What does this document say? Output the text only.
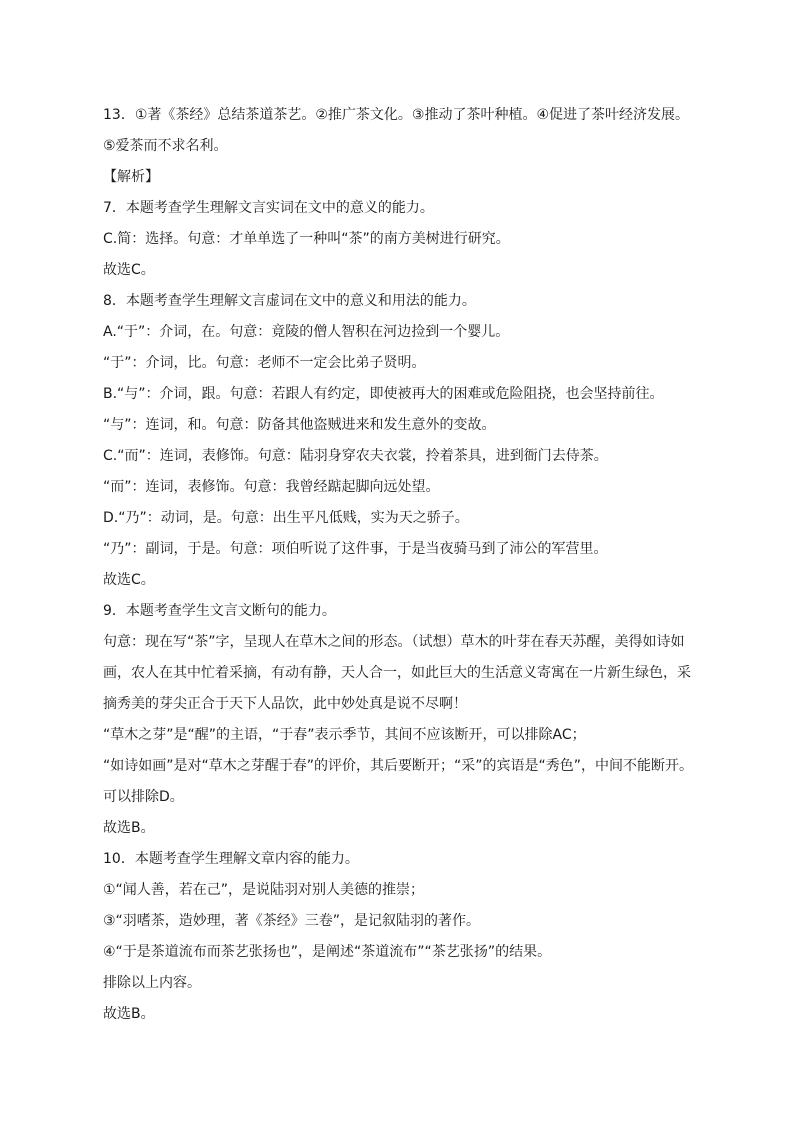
13．①著《茶经》总结茶道茶艺。②推广茶文化。③推动了茶叶种植。④促进了茶叶经济发展。⑤爱茶而不求名利。

【解析】

7．本题考查学生理解文言实词在文中的意义的能力。

C.简：选择。句意：才单单选了一种叫“茶”的南方美树进行研究。

故选C。

8．本题考查学生理解文言虚词在文中的意义和用法的能力。

A.“于”：介词，在。句意：竟陵的僧人智积在河边捡到一个婴儿。

“于”：介词，比。句意：老师不一定会比弟子贤明。

B.“与”：介词，跟。句意：若跟人有约定，即使被再大的困难或危险阻挠，也会坚持前往。

“与”：连词，和。句意：防备其他盗贼进来和发生意外的变故。

C.“而”：连词，表修饰。句意：陆羽身穿农夫衣裳，拎着茶具，进到衙门去侍茶。

“而”：连词，表修饰。句意：我曾经踮起脚向远处望。

D.“乃”：动词，是。句意：出生平凡低贱，实为天之骄子。

“乃”：副词，于是。句意：项伯听说了这件事，于是当夜骑马到了沛公的军营里。

故选C。

9．本题考查学生文言文断句的能力。

句意：现在写“茶”字，呈现人在草木之间的形态。（试想）草木的叶芽在春天苏醒，美得如诗如画，农人在其中忙着采摘，有动有静，天人合一，如此巨大的生活意义寄寓在一片新生绿色，采摘秀美的芽尖正合于天下人品饮，此中妙处真是说不尽啊！

“草木之芽”是“醒”的主语，“于春”表示季节，其间不应该断开，可以排除AC；

“如诗如画”是对“草木之芽醒于春”的评价，其后要断开；“采”的宾语是“秀色”，中间不能断开。可以排除D。

故选B。

10．本题考查学生理解文章内容的能力。

①“闻人善，若在己”，是说陆羽对别人美德的推崇；

③“羽嗜茶，造妙理，著《茶经》三卷”，是记叙陆羽的著作。

④“于是茶道流布而茶艺张扬也”，是阐述“茶道流布”“茶艺张扬”的结果。

排除以上内容。

故选B。
